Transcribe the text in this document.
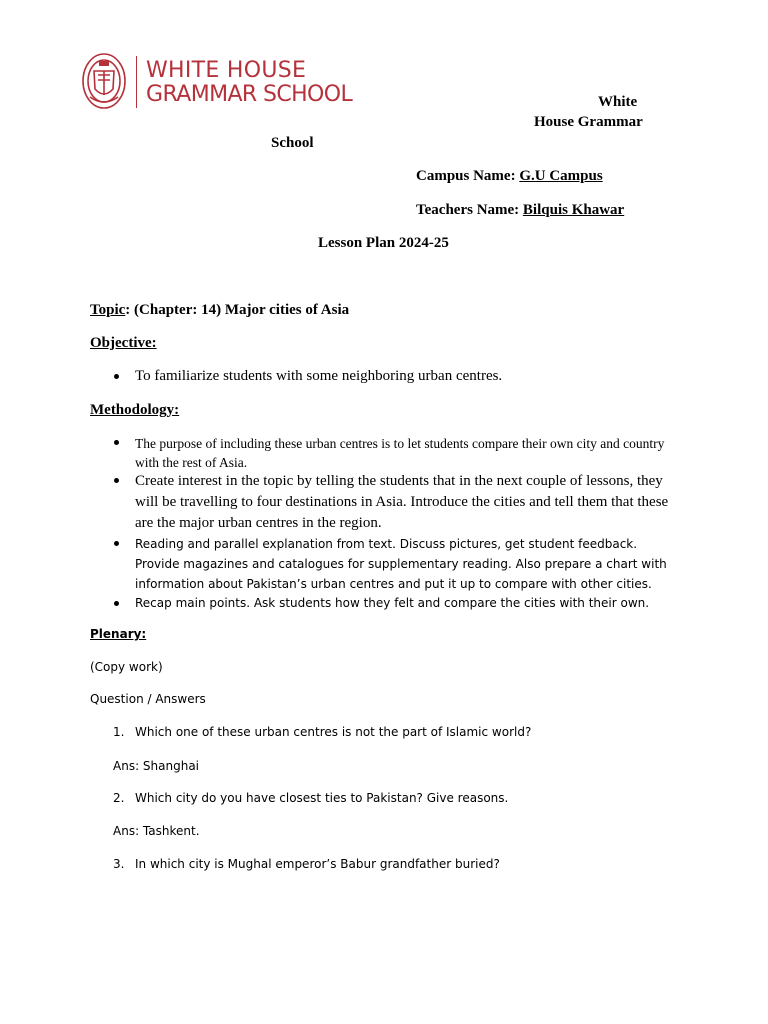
WHITE HOUSE
GRAMMAR SCHOOL	White
House Grammar
School
Campus Name: G.U Campus
Teachers Name: Bilquis Khawar
Lesson Plan 2024-25
Topic: (Chapter: 14) Major cities of Asia
Objective:
To familiarize students with some neighboring urban centres.
Methodology:
The purpose of including these urban centres is to let students compare their own city and country with the rest of Asia.
Create interest in the topic by telling the students that in the next couple of lessons, they will be travelling to four destinations in Asia. Introduce the cities and tell them that these are the major urban centres in the region.
Reading and parallel explanation from text. Discuss pictures, get student feedback. Provide magazines and catalogues for supplementary reading. Also prepare a chart with information about Pakistan’s urban centres and put it up to compare with other cities.
Recap main points. Ask students how they felt and compare the cities with their own.
Plenary:
(Copy work)
Question / Answers
1. Which one of these urban centres is not the part of Islamic world?
Ans: Shanghai
2. Which city do you have closest ties to Pakistan? Give reasons.
Ans: Tashkent.
3. In which city is Mughal emperor’s Babur grandfather buried?
